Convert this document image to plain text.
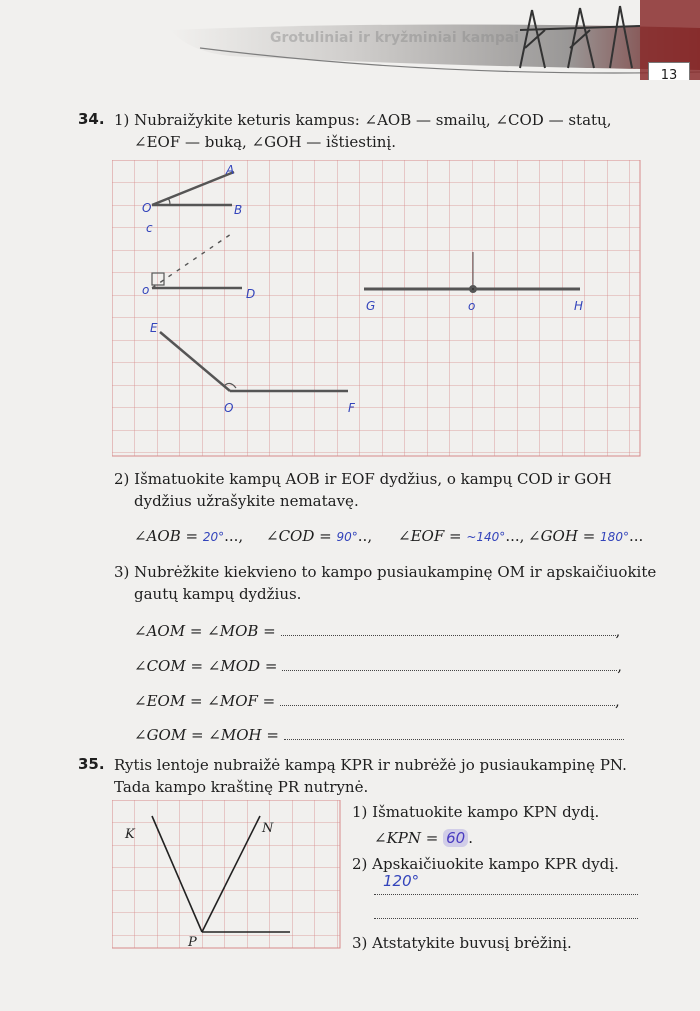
Grotuliniai ir kryžminiai kampai
13
34. 1) Nubraižykite keturis kampus: ∠AOB — smailų, ∠COD — statų,
∠EOF — buką, ∠GOH — ištiestinį.
A
O
c
B
o	D
G	o	H
E
O	F
2) Išmatuokite kampų AOB ir EOF dydžius, o kampų COD ir GOH
dydžius užrašykite nematavę.
∠AOB = 20°..., ∠COD = 90°.., ∠EOF = ~140°..., ∠GOH = 180°...
3) Nubrėžkite kiekvieno to kampo pusiaukampinę OM ir apskaičiuokite
gautų kampų dydžius.
∠AOM = ∠MOB =	,
∠COM = ∠MOD =	,
∠EOM = ∠MOF =	,
∠GOM = ∠MOH =
35. Rytis lentoje nubraižė kampą KPR ir nubrėžė jo pusiaukampinę PN.
Tada kampo kraštinę PR nutrynė.
K	N
P
1) Išmatuokite kampo KPN dydį.
∠KPN = 60 .
2) Apskaičiuokite kampo KPR dydį.
120°
3) Atstatykite buvusį brėžinį.
